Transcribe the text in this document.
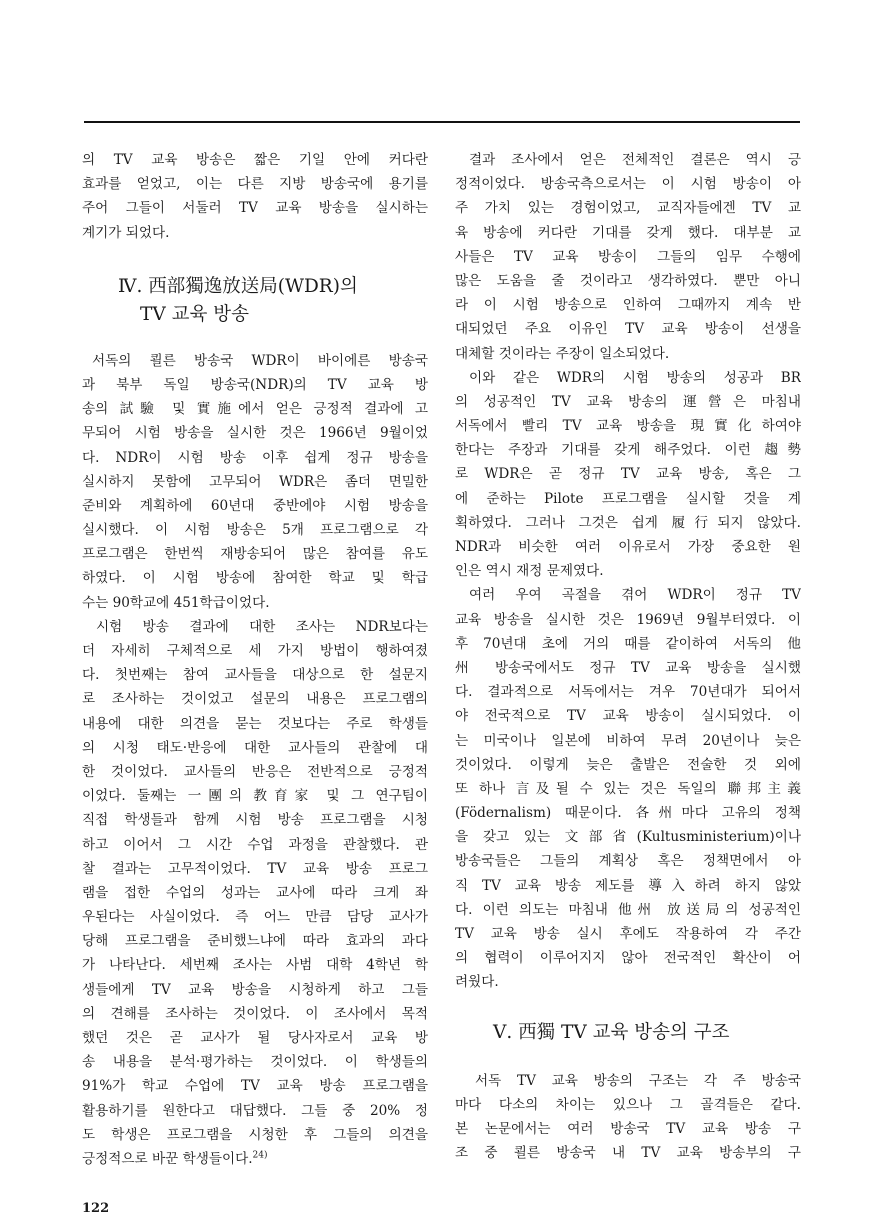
의 TV 교육 방송은 짧은 기일 안에 커다란
효과를 얻었고, 이는 다른 지방 방송국에 용기를
주어 그들이 서둘러 TV 교육 방송을 실시하는
계기가 되었다.
Ⅳ. 西部獨逸放送局(WDR)의
TV 교육 방송
서독의 쾰른 방송국 WDR이 바이에른 방송국
과 북부 독일 방송국(NDR)의 TV 교육 방
송의 試驗 및 實施에서 얻은 긍정적 결과에 고
무되어 시험 방송을 실시한 것은 1966년 9월이었
다. NDR이 시험 방송 이후 쉽게 정규 방송을
실시하지 못함에 고무되어 WDR은 좀더 면밀한
준비와 계획하에 60년대 중반에야 시험 방송을
실시했다. 이 시험 방송은 5개 프로그램으로 각
프로그램은 한번씩 재방송되어 많은 참여를 유도
하였다. 이 시험 방송에 참여한 학교 및 학급
수는 90학교에 451학급이었다.
시험 방송 결과에 대한 조사는 NDR보다는
더 자세히 구체적으로 세 가지 방법이 행하여졌
다. 첫번째는 참여 교사들을 대상으로 한 설문지
로 조사하는 것이었고 설문의 내용은 프로그램의
내용에 대한 의견을 묻는 것보다는 주로 학생들
의 시청 태도·반응에 대한 교사들의 관찰에 대
한 것이었다. 교사들의 반응은 전반적으로 긍정적
이었다. 둘째는 一團의 教育家 및 그 연구팀이
직접 학생들과 함께 시험 방송 프로그램을 시청
하고 이어서 그 시간 수업 과정을 관찰했다. 관
찰 결과는 고무적이었다. TV 교육 방송 프로그
램을 접한 수업의 성과는 교사에 따라 크게 좌
우된다는 사실이었다. 즉 어느 만큼 담당 교사가
당해 프로그램을 준비했느냐에 따라 효과의 과다
가 나타난다. 세번째 조사는 사범 대학 4학년 학
생들에게 TV 교육 방송을 시청하게 하고 그들
의 견해를 조사하는 것이었다. 이 조사에서 목적
했던 것은 곧 교사가 될 당사자로서 교육 방
송 내용을 분석·평가하는 것이었다. 이 학생들의
91%가 학교 수업에 TV 교육 방송 프로그램을
활용하기를 원한다고 대답했다. 그들 중 20% 정
도 학생은 프로그램을 시청한 후 그들의 의견을
긍정적으로 바꾼 학생들이다.$^{24)}$
결과 조사에서 얻은 전체적인 결론은 역시 긍
정적이었다. 방송국측으로서는 이 시험 방송이 아
주 가치 있는 경험이었고, 교직자들에겐 TV 교
육 방송에 커다란 기대를 갖게 했다. 대부분 교
사들은 TV 교육 방송이 그들의 임무 수행에
많은 도움을 줄 것이라고 생각하였다. 뿐만 아니
라 이 시험 방송으로 인하여 그때까지 계속 반
대되었던 주요 이유인 TV 교육 방송이 선생을
대체할 것이라는 주장이 일소되었다.
이와 같은 WDR의 시험 방송의 성공과 BR
의 성공적인 TV 교육 방송의 運營은 마침내
서독에서 빨리 TV 교육 방송을 現實化하여야
한다는 주장과 기대를 갖게 해주었다. 이런 趨勢
로 WDR은 곧 정규 TV 교육 방송, 혹은 그
에 준하는 Pilote 프로그램을 실시할 것을 계
획하였다. 그러나 그것은 쉽게 履行되지 않았다.
NDR과 비슷한 여러 이유로서 가장 중요한 원
인은 역시 재정 문제였다.
여러 우여 곡절을 겪어 WDR이 정규 TV
교육 방송을 실시한 것은 1969년 9월부터였다. 이
후 70년대 초에 거의 때를 같이하여 서독의 他
州 방송국에서도 정규 TV 교육 방송을 실시했
다. 결과적으로 서독에서는 겨우 70년대가 되어서
야 전국적으로 TV 교육 방송이 실시되었다. 이
는 미국이나 일본에 비하여 무려 20년이나 늦은
것이었다. 이렇게 늦은 출발은 전술한 것 외에
또 하나 言及될 수 있는 것은 독일의 聯邦主義
(Födernalism) 때문이다. 各州마다 고유의 정책
을 갖고 있는 文部省(Kultusministerium)이나
방송국들은 그들의 계획상 혹은 정책면에서 아
직 TV 교육 방송 제도를 導入하려 하지 않았
다. 이런 의도는 마침내 他州 放送局의 성공적인
TV 교육 방송 실시 후에도 작용하여 각 주간
의 협력이 이루어지지 않아 전국적인 확산이 어
려웠다.
Ⅴ. 西獨 TV 교육 방송의 구조
서독 TV 교육 방송의 구조는 각 주 방송국
마다 다소의 차이는 있으나 그 골격들은 같다.
본 논문에서는 여러 방송국 TV 교육 방송 구
조 중 쾰른 방송국 내 TV 교육 방송부의 구
122
